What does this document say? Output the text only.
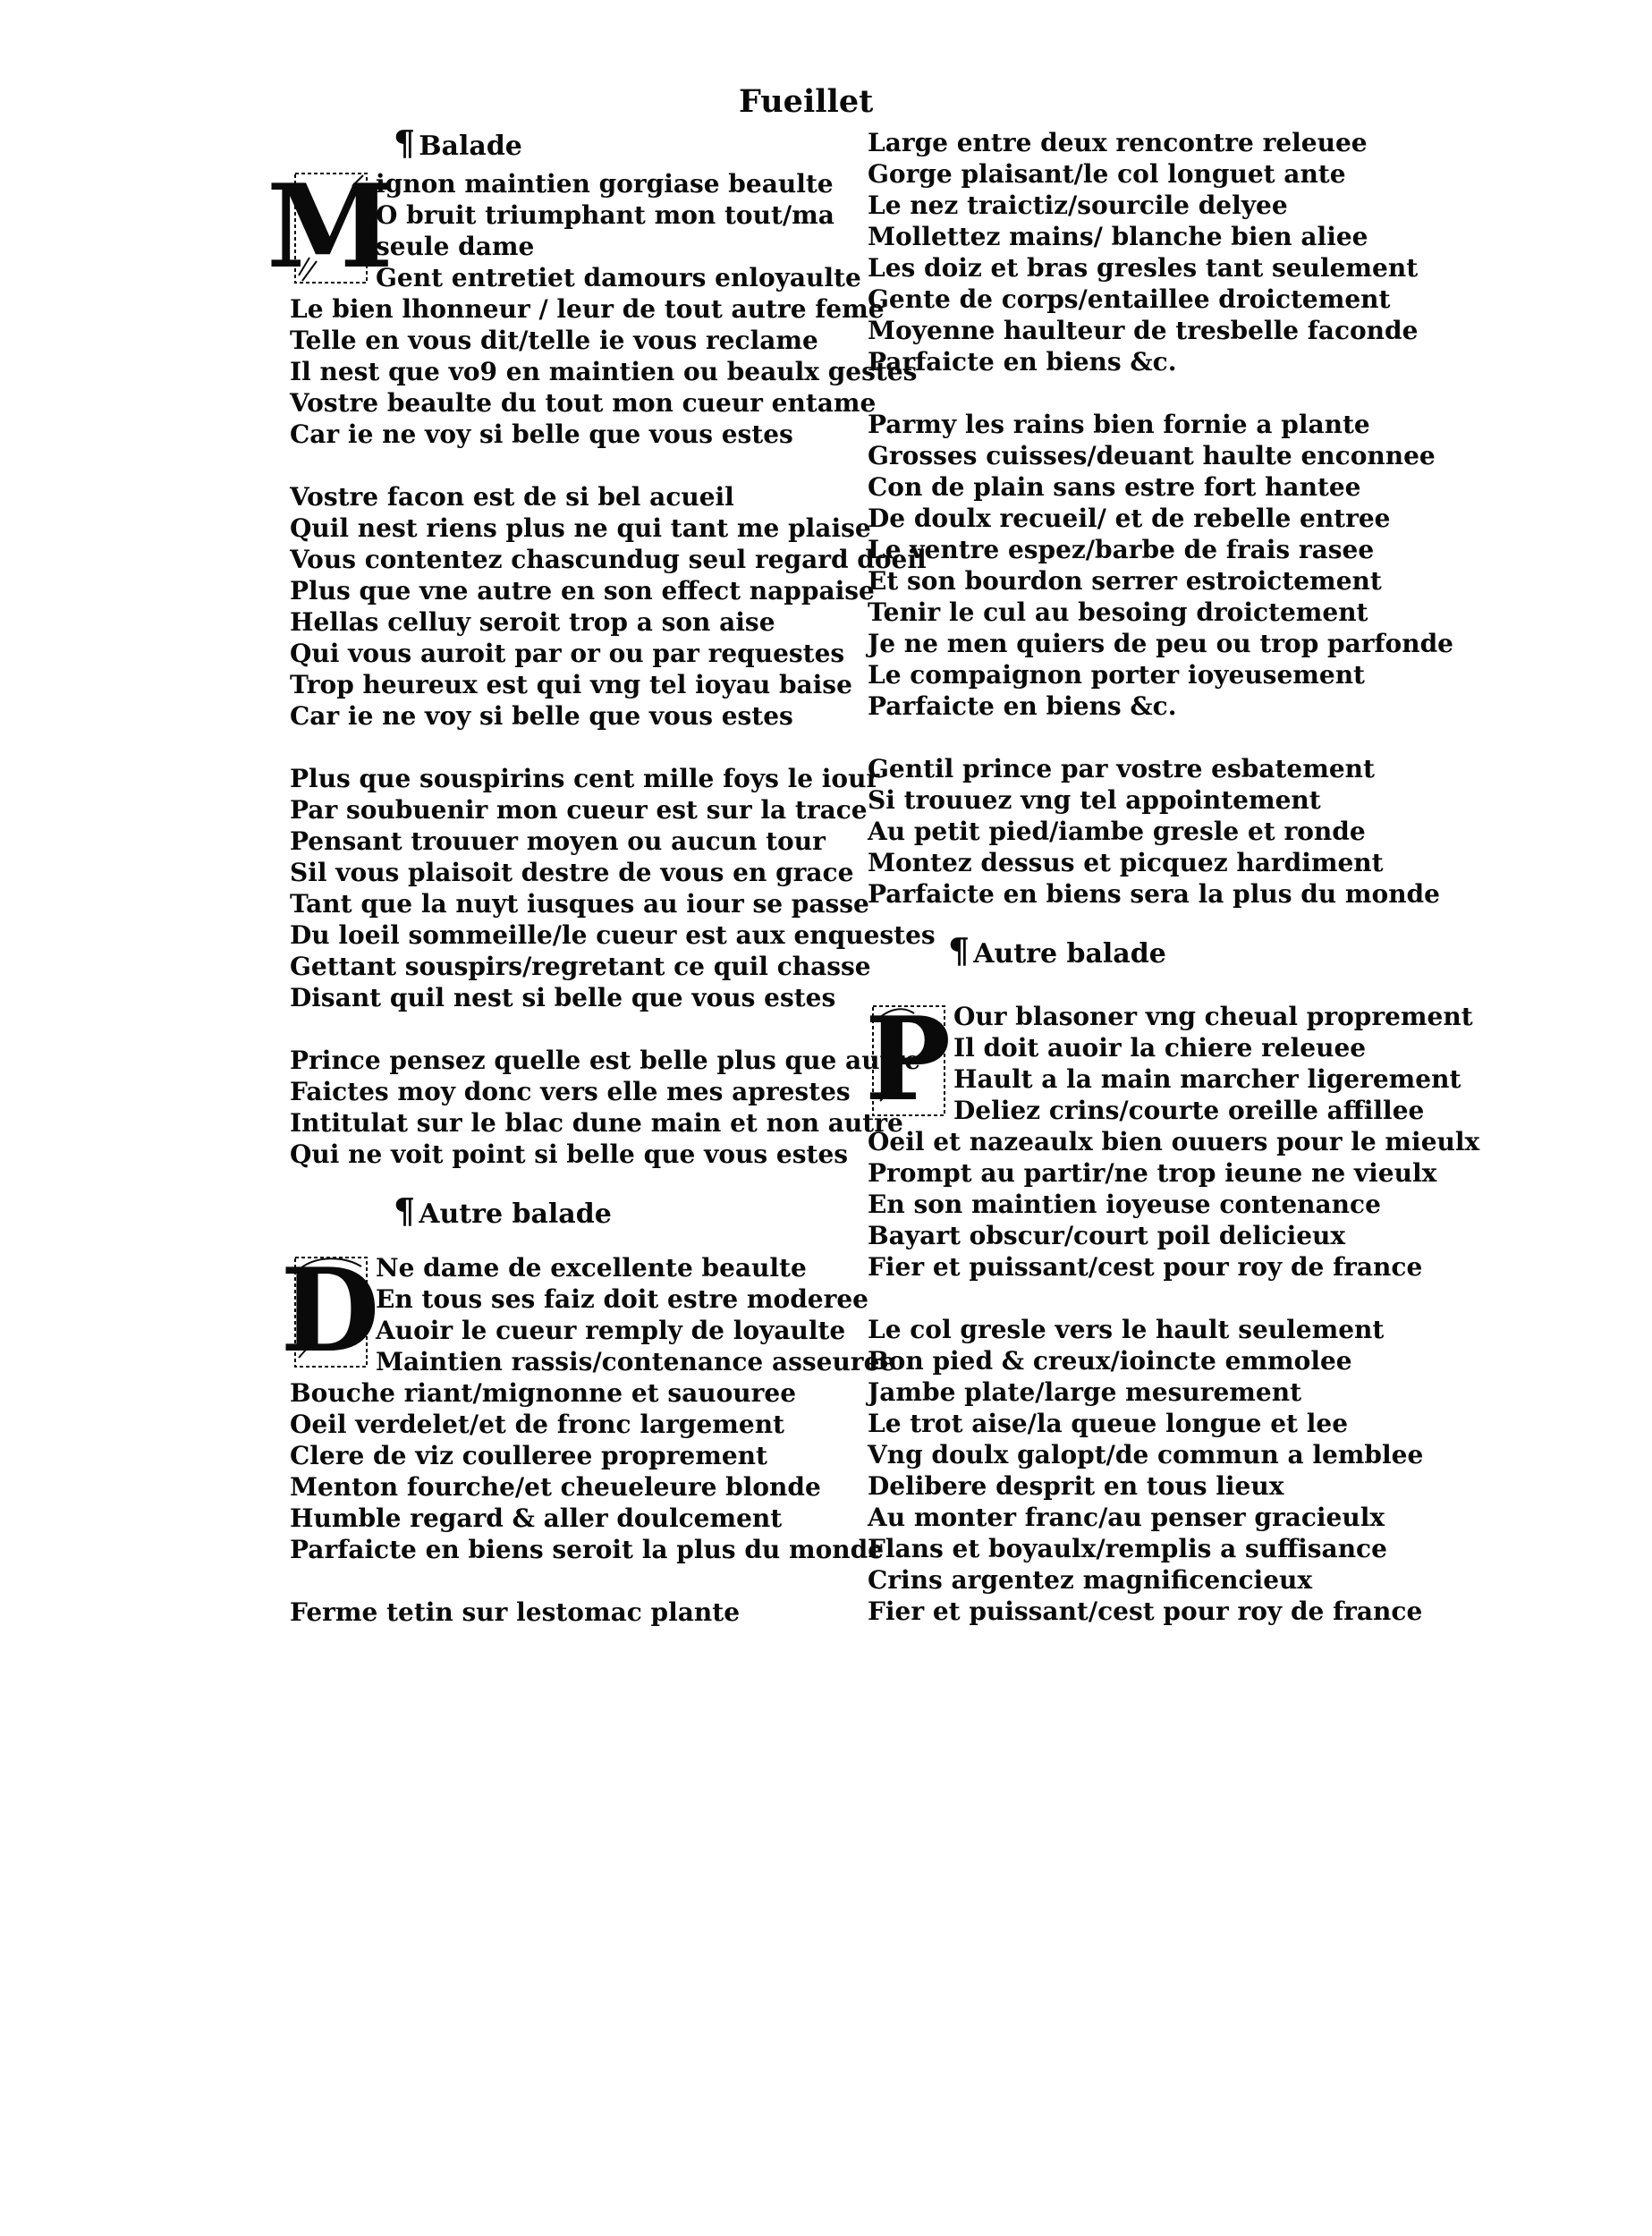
Fueillet
¶ Balade
M
ignon maintien gorgiase beaulte
O bruit triumphant mon tout/ma
seule dame
Gent entretiet damours enloyaulte
Le bien lhonneur / leur de tout autre feme
Telle en vous dit/telle ie vous reclame
Il nest que vo9 en maintien ou beaulx gestes
Vostre beaulte du tout mon cueur entame
Car ie ne voy si belle que vous estes
Vostre facon est de si bel acueil
Quil nest riens plus ne qui tant me plaise
Vous contentez chascundug seul regard doeil
Plus que vne autre en son effect nappaise
Hellas celluy seroit trop a son aise
Qui vous auroit par or ou par requestes
Trop heureux est qui vng tel ioyau baise
Car ie ne voy si belle que vous estes
Plus que souspirins cent mille foys le iour
Par soubuenir mon cueur est sur la trace
Pensant trouuer moyen ou aucun tour
Sil vous plaisoit destre de vous en grace
Tant que la nuyt iusques au iour se passe
Du loeil sommeille/le cueur est aux enquestes
Gettant souspirs/regretant ce quil chasse
Disant quil nest si belle que vous estes
Prince pensez quelle est belle plus que autre
Faictes moy donc vers elle mes aprestes
Intitulat sur le blac dune main et non autre
Qui ne voit point si belle que vous estes
¶ Autre balade
D
Ne dame de excellente beaulte
En tous ses faiz doit estre moderee
Auoir le cueur remply de loyaulte
Maintien rassis/contenance asseuree
Bouche riant/mignonne et sauouree
Oeil verdelet/et de fronc largement
Clere de viz coulleree proprement
Menton fourche/et cheueleure blonde
Humble regard & aller doulcement
Parfaicte en biens seroit la plus du monde
Ferme tetin sur lestomac plante
Large entre deux rencontre releuee
Gorge plaisant/le col longuet ante
Le nez traictiz/sourcile delyee
Mollettez mains/ blanche bien aliee
Les doiz et bras gresles tant seulement
Gente de corps/entaillee droictement
Moyenne haulteur de tresbelle faconde
Parfaicte en biens &c.
Parmy les rains bien fornie a plante
Grosses cuisses/deuant haulte enconnee
Con de plain sans estre fort hantee
De doulx recueil/ et de rebelle entree
Le ventre espez/barbe de frais rasee
Et son bourdon serrer estroictement
Tenir le cul au besoing droictement
Je ne men quiers de peu ou trop parfonde
Le compaignon porter ioyeusement
Parfaicte en biens &c.
Gentil prince par vostre esbatement
Si trouuez vng tel appointement
Au petit pied/iambe gresle et ronde
Montez dessus et picquez hardiment
Parfaicte en biens sera la plus du monde
¶ Autre balade
P Our blasoner vng cheual proprement
Il doit auoir la chiere releuee
Hault a la main marcher ligerement
Deliez crins/courte oreille affillee
Oeil et nazeaulx bien ouuers pour le mieulx
Prompt au partir/ne trop ieune ne vieulx
En son maintien ioyeuse contenance
Bayart obscur/court poil delicieux
Fier et puissant/cest pour roy de france
Le col gresle vers le hault seulement
Bon pied & creux/ioincte emmolee
Jambe plate/large mesurement
Le trot aise/la queue longue et lee
Vng doulx galopt/de commun a lemblee
Delibere desprit en tous lieux
Au monter franc/au penser gracieulx
Flans et boyaulx/remplis a suffisance
Crins argentez magnificencieux
Fier et puissant/cest pour roy de france
